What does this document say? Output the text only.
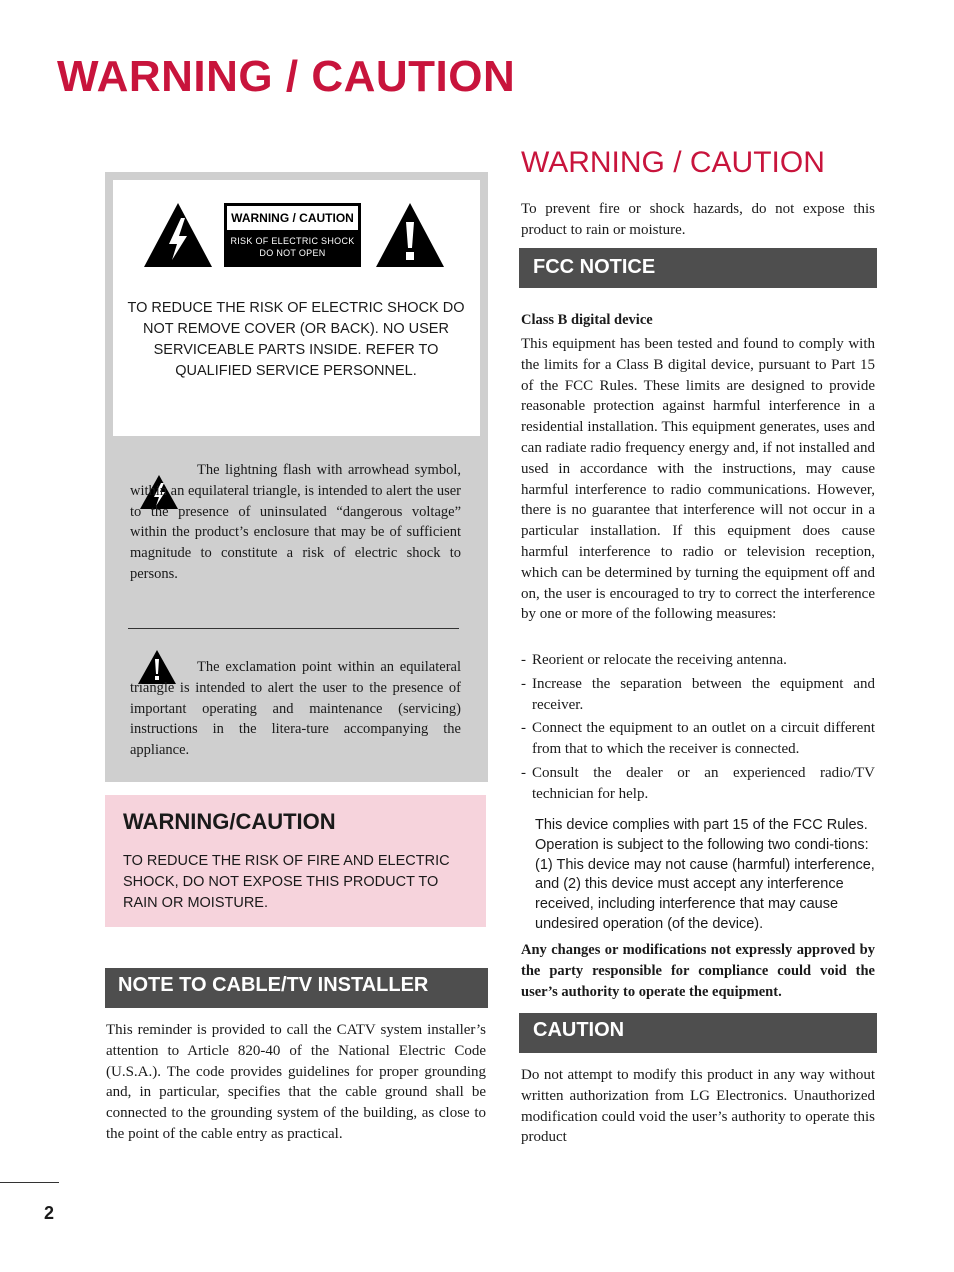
WARNING / CAUTION
WARNING / CAUTION
RISK OF ELECTRIC SHOCK
DO NOT OPEN

TO REDUCE THE RISK OF ELECTRIC SHOCK DO NOT REMOVE COVER (OR BACK). NO USER SERVICEABLE PARTS INSIDE. REFER TO QUALIFIED SERVICE PERSONNEL.

The lightning flash with arrowhead symbol, within an equilateral triangle, is intended to alert the user to the presence of uninsulated “dangerous voltage” within the product’s enclosure that may be of sufficient magnitude to constitute a risk of electric shock to persons.

The exclamation point within an equilateral triangle is intended to alert the user to the presence of important operating and maintenance (servicing) instructions in the litera-ture accompanying the appliance.

WARNING/CAUTION

TO REDUCE THE RISK OF FIRE AND ELECTRIC SHOCK, DO NOT EXPOSE THIS PRODUCT TO RAIN OR MOISTURE.

NOTE TO CABLE/TV INSTALLER

This reminder is provided to call the CATV system installer’s attention to Article 820-40 of the National Electric Code (U.S.A.). The code provides guidelines for proper grounding and, in particular, specifies that the cable ground shall be connected to the grounding system of the building, as close to the point of the cable entry as practical.

WARNING / CAUTION

To prevent fire or shock hazards, do not expose this product to rain or moisture.

FCC NOTICE

Class B digital device

This equipment has been tested and found to comply with the limits for a Class B digital device, pursuant to Part 15 of the FCC Rules. These limits are designed to provide reasonable protection against harmful interference in a residential installation. This equipment generates, uses and can radiate radio frequency energy and, if not installed and used in accordance with the instructions, may cause harmful interference to radio communications. However, there is no guarantee that interference will not occur in a particular installation. If this equipment does cause harmful interference to radio or television reception, which can be determined by turning the equipment off and on, the user is encouraged to try to correct the interference by one or more of the following measures:

- Reorient or relocate the receiving antenna.
- Increase the separation between the equipment and receiver.
- Connect the equipment to an outlet on a circuit different from that to which the receiver is connected.
- Consult the dealer or an experienced radio/TV technician for help.

This device complies with part 15 of the FCC Rules. Operation is subject to the following two condi-tions: (1) This device may not cause (harmful) interference, and (2) this device must accept any interference received, including interference that may cause undesired operation (of the device).

Any changes or modifications not expressly approved by the party responsible for compliance could void the user’s authority to operate the equipment.

CAUTION

Do not attempt to modify this product in any way without written authorization from LG Electronics. Unauthorized modification could void the user’s authority to operate this product

2
